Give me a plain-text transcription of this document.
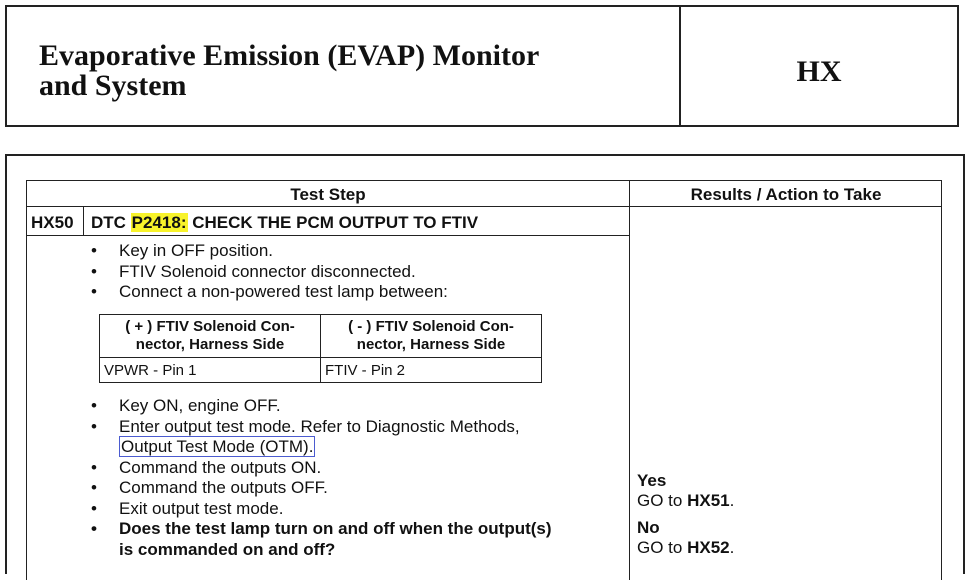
Evaporative Emission (EVAP) Monitor
and System	HX
Test Step	Results / Action to Take
HX50 DTC P2418: CHECK THE PCM OUTPUT TO FTIV
• Key in OFF position.
• FTIV Solenoid connector disconnected.
• Connect a non-powered test lamp between:
( + ) FTIV Solenoid Con-nector, Harness Side	( - ) FTIV Solenoid Con-nector, Harness Side
VPWR - Pin 1	FTIV - Pin 2
• Key ON, engine OFF.
• Enter output test mode. Refer to Diagnostic Methods,
Output Test Mode (OTM).
• Command the outputs ON.
• Command the outputs OFF.
• Exit output test mode.
• Does the test lamp turn on and off when the output(s)
is commanded on and off?
Yes
GO to HX51.
No
GO to HX52.
